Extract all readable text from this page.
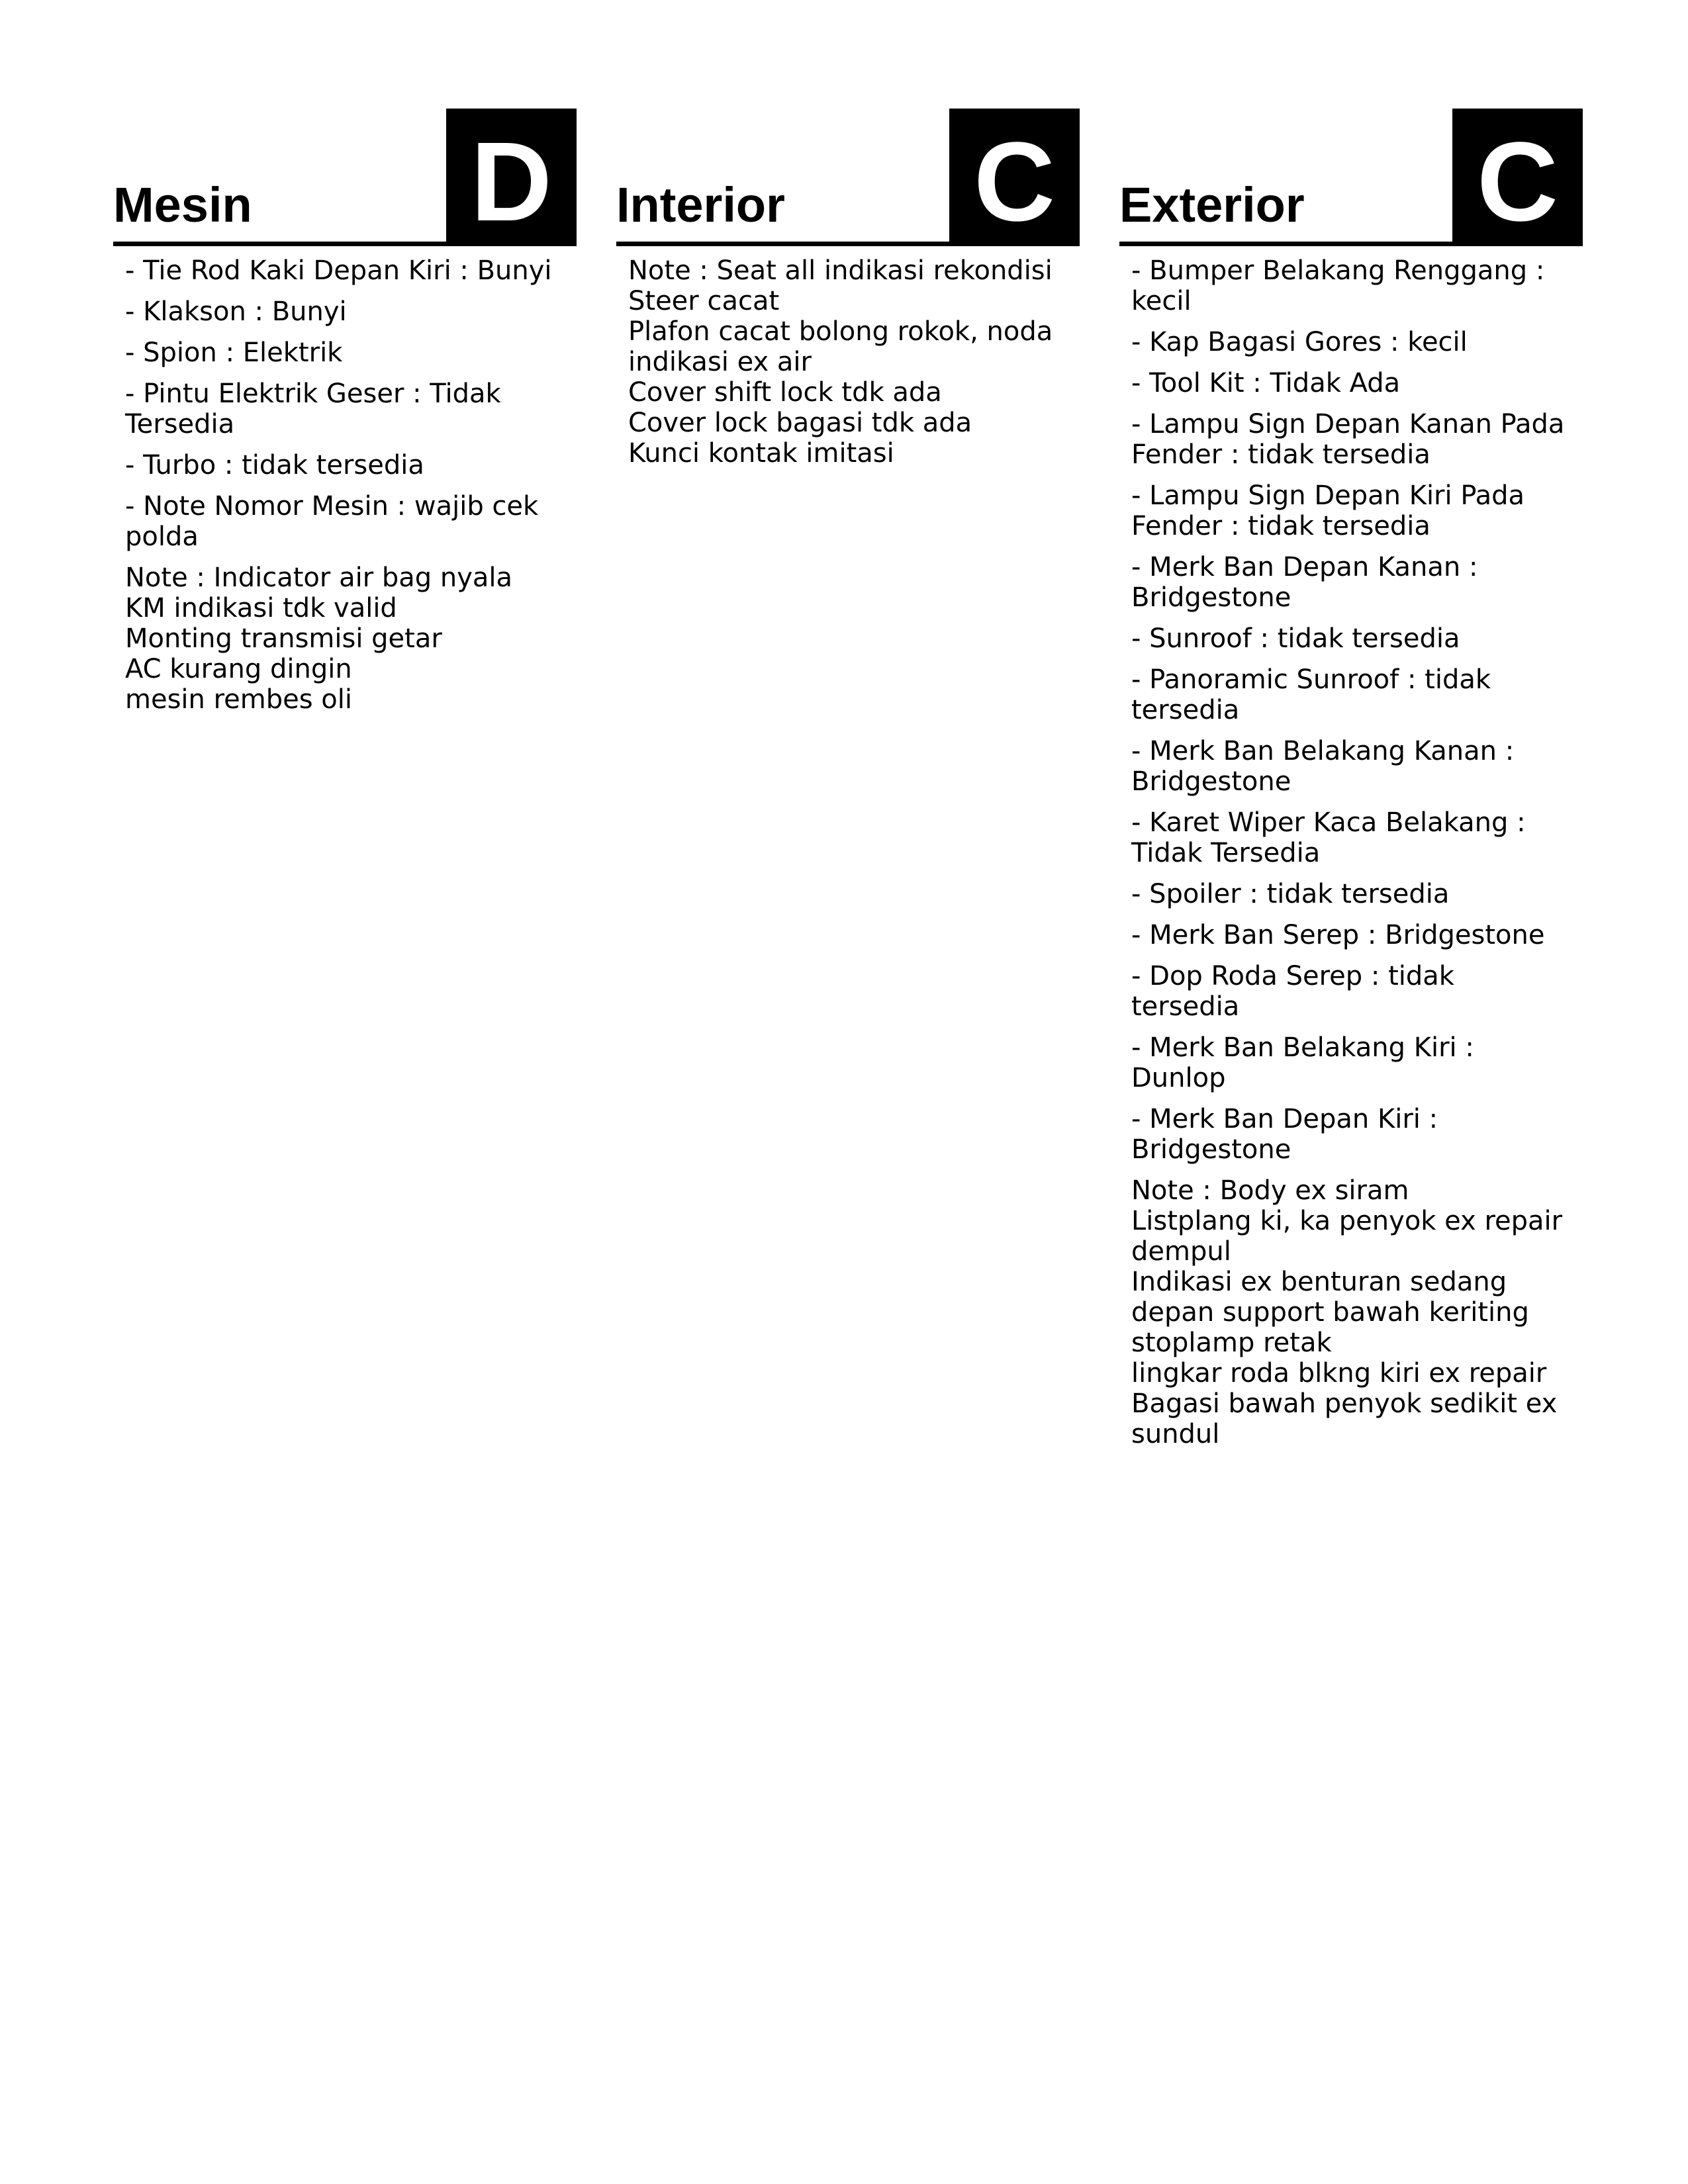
Mesin D
- Tie Rod Kaki Depan Kiri : Bunyi
- Klakson : Bunyi
- Spion : Elektrik
- Pintu Elektrik Geser : Tidak Tersedia
- Turbo : tidak tersedia
- Note Nomor Mesin : wajib cek polda
Note : Indicator air bag nyala
KM indikasi tdk valid
Monting transmisi getar
AC kurang dingin
mesin rembes oli
Interior C
Note : Seat all indikasi rekondisi
Steer cacat
Plafon cacat bolong rokok, noda indikasi ex air
Cover shift lock tdk ada
Cover lock bagasi tdk ada
Kunci kontak imitasi
Exterior C
- Bumper Belakang Renggang : kecil
- Kap Bagasi Gores : kecil
- Tool Kit : Tidak Ada
- Lampu Sign Depan Kanan Pada Fender : tidak tersedia
- Lampu Sign Depan Kiri Pada Fender : tidak tersedia
- Merk Ban Depan Kanan : Bridgestone
- Sunroof : tidak tersedia
- Panoramic Sunroof : tidak tersedia
- Merk Ban Belakang Kanan : Bridgestone
- Karet Wiper Kaca Belakang : Tidak Tersedia
- Spoiler : tidak tersedia
- Merk Ban Serep : Bridgestone
- Dop Roda Serep : tidak tersedia
- Merk Ban Belakang Kiri : Dunlop
- Merk Ban Depan Kiri : Bridgestone
Note : Body ex siram
Listplang ki, ka penyok ex repair dempul
Indikasi ex benturan sedang depan support bawah keriting
stoplamp retak
lingkar roda blkng kiri ex repair
Bagasi bawah penyok sedikit ex sundul
